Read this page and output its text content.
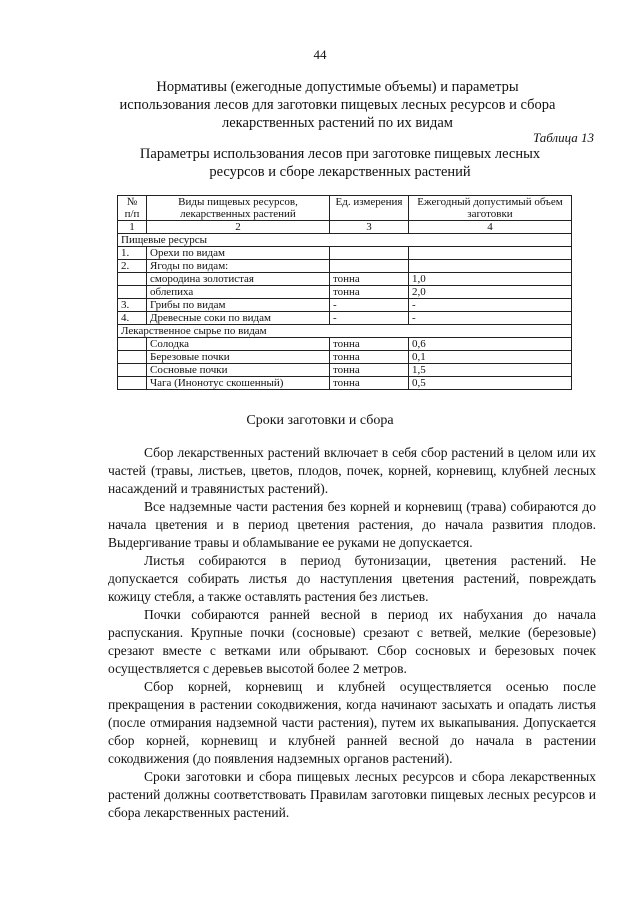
44
Нормативы (ежегодные допустимые объемы) и параметры использования лесов для заготовки пищевых лесных ресурсов и сбора лекарственных растений по их видам
Таблица 13
Параметры использования лесов при заготовке пищевых лесных ресурсов и сборе лекарственных растений
№ п/п	Виды пищевых ресурсов, лекарственных растений	Ед. измерения	Ежегодный допустимый объем заготовки
1	2	3	4
Пищевые ресурсы			
1.	Орехи по видам		
2.	Ягоды по видам:		
	смородина золотистая	тонна	1,0
	облепиха	тонна	2,0
3.	Грибы по видам	-	-
4.	Древесные соки по видам	-	-
Лекарственное сырье по видам			
	Солодка	тонна	0,6
	Березовые почки	тонна	0,1
	Сосновые почки	тонна	1,5
	Чага (Инонотус скошенный)	тонна	0,5
Сроки заготовки и сбора

Сбор лекарственных растений включает в себя сбор растений в целом или их частей (травы, листьев, цветов, плодов, почек, корней, корневищ, клубней лесных насаждений и травянистых растений).

Все надземные части растения без корней и корневищ (трава) собираются до начала цветения и в период цветения растения, до начала развития плодов. Выдергивание травы и обламывание ее руками не допускается.

Листья собираются в период бутонизации, цветения растений. Не допускается собирать листья до наступления цветения растений, повреждать кожицу стебля, а также оставлять растения без листьев.

Почки собираются ранней весной в период их набухания до начала распускания. Крупные почки (сосновые) срезают с ветвей, мелкие (березовые) срезают вместе с ветками или обрывают. Сбор сосновых и березовых почек осуществляется с деревьев высотой более 2 метров.

Сбор корней, корневищ и клубней осуществляется осенью после прекращения в растении сокодвижения, когда начинают засыхать и опадать листья (после отмирания надземной части растения), путем их выкапывания. Допускается сбор корней, корневищ и клубней ранней весной до начала в растении сокодвижения (до появления надземных органов растений).

Сроки заготовки и сбора пищевых лесных ресурсов и сбора лекарственных растений должны соответствовать Правилам заготовки пищевых лесных ресурсов и сбора лекарственных растений.
